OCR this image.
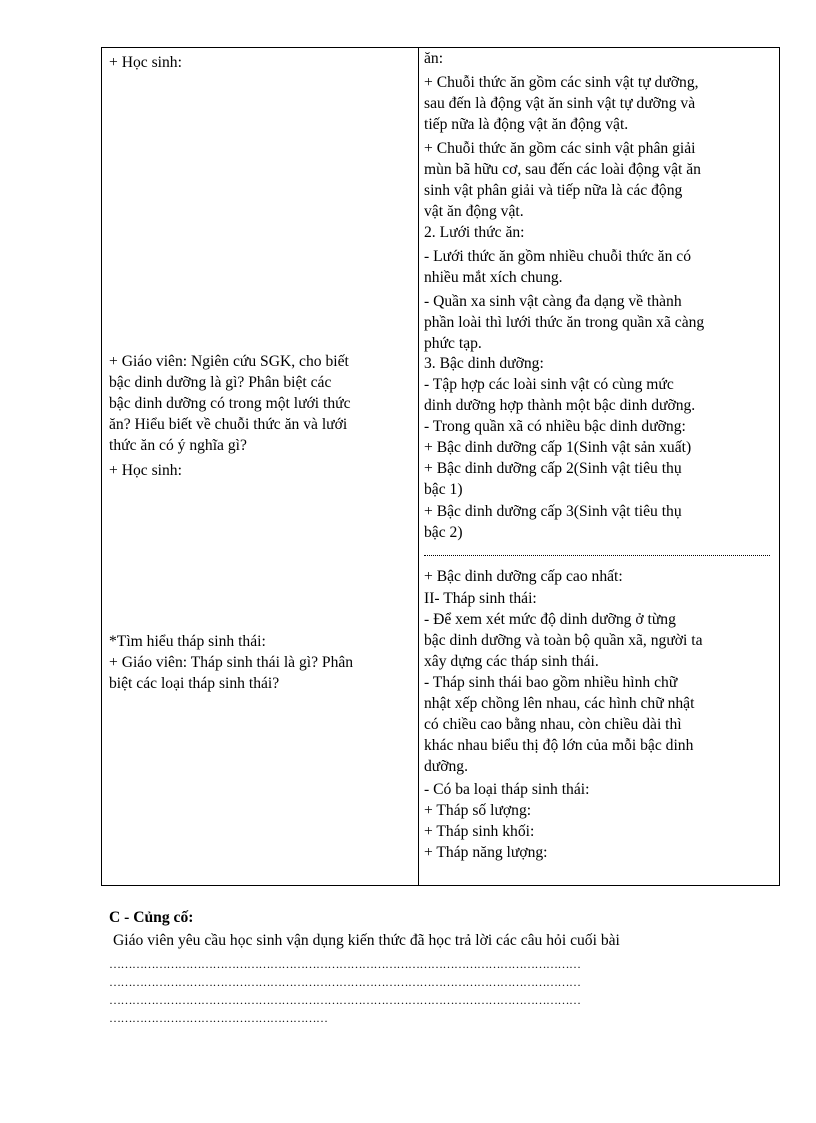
+ Học sinh:
+ Giáo viên: Ngiên cứu SGK, cho biết
bậc dinh dưỡng là gì? Phân biệt các
bậc dinh dưỡng có trong một lưới thức
ăn? Hiểu biết về chuỗi thức ăn và lưới
thức ăn có ý nghĩa gì?
+ Học sinh:
*Tìm hiểu tháp sinh thái:
+ Giáo viên: Tháp sinh thái là gì? Phân
biệt các loại tháp sinh thái?
ăn:
+ Chuỗi thức ăn gồm các sinh vật tự dưỡng,
sau đến là động vật ăn sinh vật tự dưỡng và
tiếp nữa là động vật ăn động vật.
+ Chuỗi thức ăn gồm các sinh vật phân giải
mùn bã hữu cơ, sau đến các loài động vật ăn
sinh vật phân giải và tiếp nữa là các động
vật ăn động vật.
2. Lưới thức ăn:
- Lưới thức ăn gồm nhiều chuỗi thức ăn có
nhiều mắt xích chung.
- Quần xa sinh vật càng đa dạng về thành
phần loài thì lưới thức ăn trong quần xã càng
phức tạp.
3. Bậc dinh dưỡng:
- Tập hợp các loài sinh vật có cùng mức
dinh dưỡng hợp thành một bậc dinh dưỡng.
- Trong quần xã có nhiều bậc dinh dưỡng:
+ Bậc dinh dưỡng cấp 1(Sinh vật sản xuất)
+ Bậc dinh dưỡng cấp 2(Sinh vật tiêu thụ
bậc 1)
+ Bậc dinh dưỡng cấp 3(Sinh vật tiêu thụ
bậc 2)
+ Bậc dinh dưỡng cấp cao nhất:
II- Tháp sinh thái:
- Để xem xét mức độ dinh dưỡng ở từng
bậc dinh dưỡng và toàn bộ quần xã, người ta
xây dựng các tháp sinh thái.
- Tháp sinh thái bao gồm nhiều hình chữ
nhật xếp chồng lên nhau, các hình chữ nhật
có chiều cao bằng nhau, còn chiều dài thì
khác nhau biểu thị độ lớn của mỗi bậc dinh
dưỡng.
- Có ba loại tháp sinh thái:
+ Tháp số lượng:
+ Tháp sinh khối:
+ Tháp năng lượng:
C - Củng cố:
Giáo viên yêu cầu học sinh vận dụng kiến thức đã học trả lời các câu hỏi cuối bài
……………………………………………………………………………………………………………
……………………………………………………………………………………………………………
……………………………………………………………………………………………………………
…………………………………………………
